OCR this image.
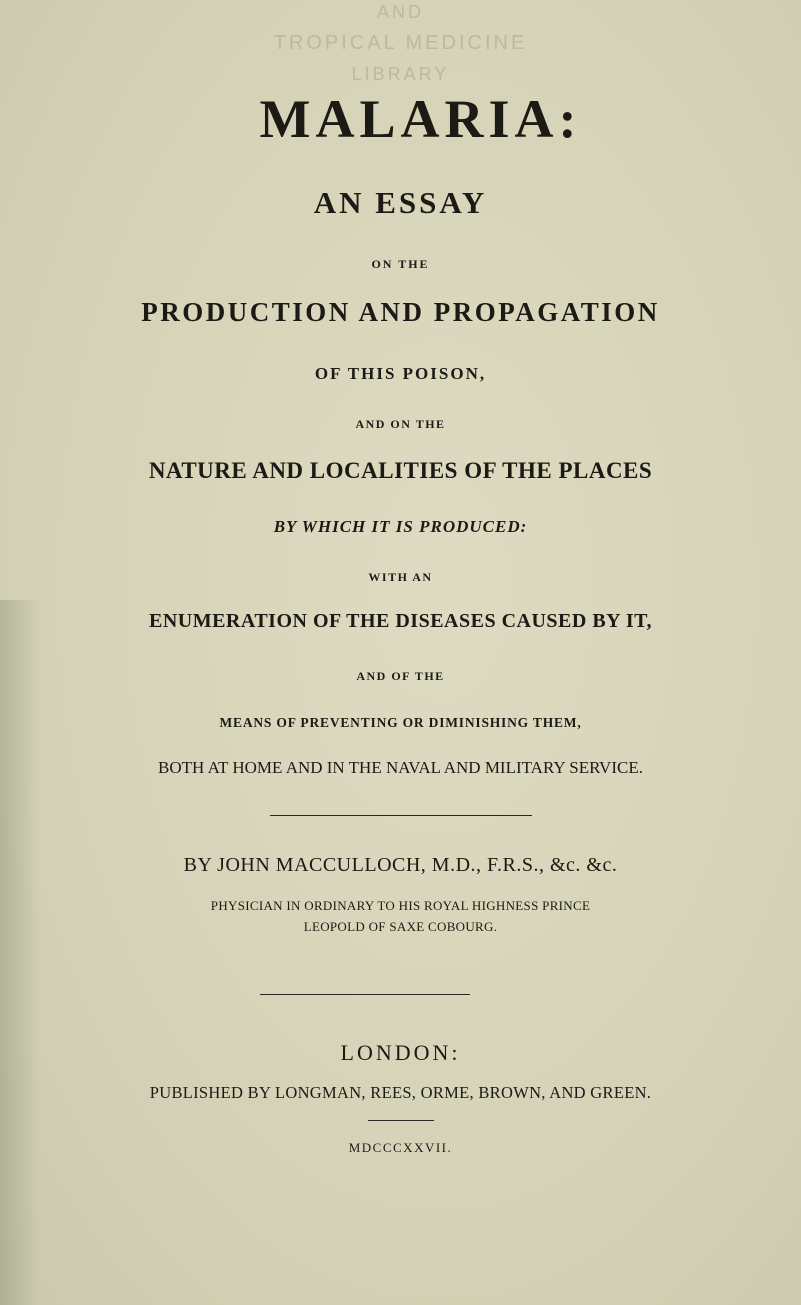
AND
TROPICAL MEDICINE
LIBRARY
MALARIA:
AN ESSAY
ON THE
PRODUCTION AND PROPAGATION
OF THIS POISON,
AND ON THE
NATURE AND LOCALITIES OF THE PLACES
BY WHICH IT IS PRODUCED:
WITH AN
ENUMERATION OF THE DISEASES CAUSED BY IT,
AND OF THE
MEANS OF PREVENTING OR DIMINISHING THEM,
BOTH AT HOME AND IN THE NAVAL AND MILITARY SERVICE.
BY JOHN MACCULLOCH, M.D., F.R.S., &c. &c.
PHYSICIAN IN ORDINARY TO HIS ROYAL HIGHNESS PRINCE
LEOPOLD OF SAXE COBOURG.
LONDON:
PUBLISHED BY LONGMAN, REES, ORME, BROWN, AND GREEN.
MDCCCXXVII.
